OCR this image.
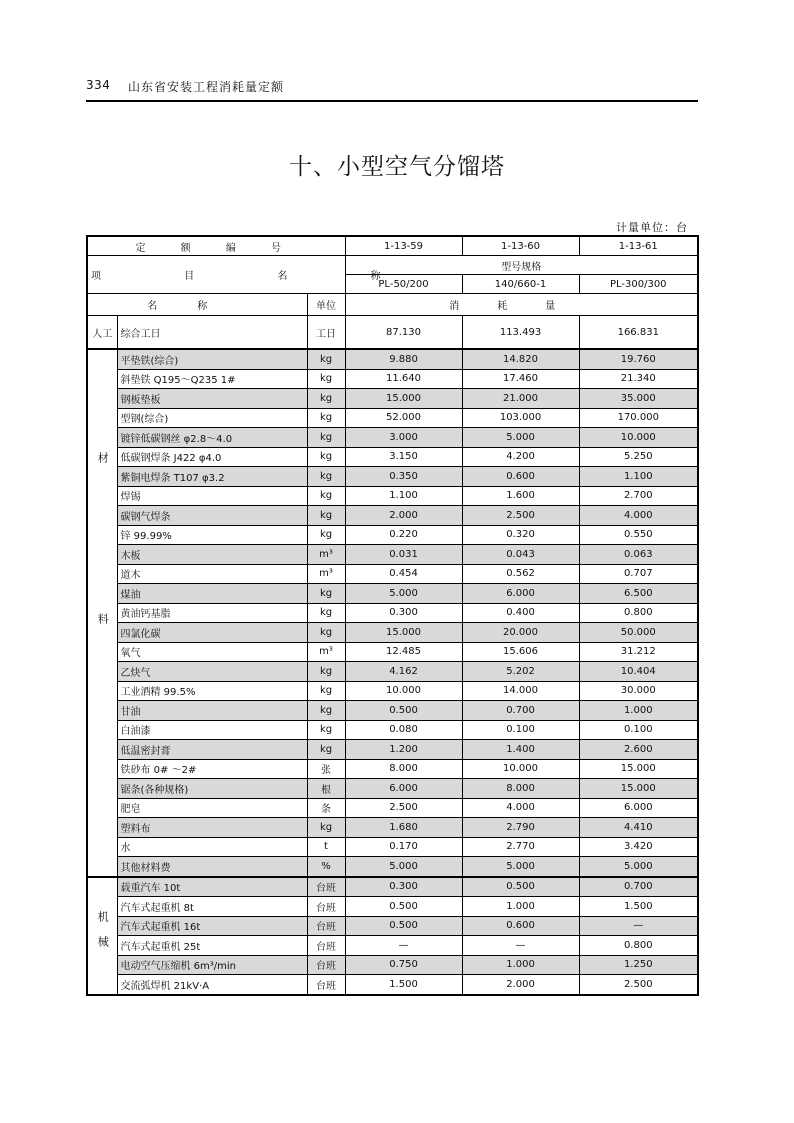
334 山东省安装工程消耗量定额
十、小型空气分馏塔
计量单位：台
定 额 编 号			1-13-59	1-13-60	1-13-61
项 目 名 称			型号规格		
			PL-50/200	140/660-1	PL-300/300
名称		单位	消耗量		
人工	综合工日	工日	87.130	113.493	166.831
材料	平垫铁(综合)	kg	9.880	14.820	19.760
	斜垫铁 Q195～Q235 1#	kg	11.640	17.460	21.340
	钢板垫板	kg	15.000	21.000	35.000
	型钢(综合)	kg	52.000	103.000	170.000
	镀锌低碳钢丝 φ2.8～4.0	kg	3.000	5.000	10.000
	低碳钢焊条 J422 φ4.0	kg	3.150	4.200	5.250
	紫铜电焊条 T107 φ3.2	kg	0.350	0.600	1.100
	焊锡	kg	1.100	1.600	2.700
	碳钢气焊条	kg	2.000	2.500	4.000
	锌 99.99%	kg	0.220	0.320	0.550
	木板	m³	0.031	0.043	0.063
	道木	m³	0.454	0.562	0.707
	煤油	kg	5.000	6.000	6.500
	黄油钙基脂	kg	0.300	0.400	0.800
	四氯化碳	kg	15.000	20.000	50.000
	氧气	m³	12.485	15.606	31.212
	乙炔气	kg	4.162	5.202	10.404
	工业酒精 99.5%	kg	10.000	14.000	30.000
	甘油	kg	0.500	0.700	1.000
	白油漆	kg	0.080	0.100	0.100
	低温密封膏	kg	1.200	1.400	2.600
	铁砂布 0# ～2#	张	8.000	10.000	15.000
	锯条(各种规格)	根	6.000	8.000	15.000
	肥皂	条	2.500	4.000	6.000
	塑料布	kg	1.680	2.790	4.410
	水	t	0.170	2.770	3.420
	其他材料费	%	5.000	5.000	5.000
机械	载重汽车 10t	台班	0.300	0.500	0.700
	汽车式起重机 8t	台班	0.500	1.000	1.500
	汽车式起重机 16t	台班	0.500	0.600	—
	汽车式起重机 25t	台班	—	—	0.800
	电动空气压缩机 6m³/min	台班	0.750	1.000	1.250
	交流弧焊机 21kV·A	台班	1.500	2.000	2.500
